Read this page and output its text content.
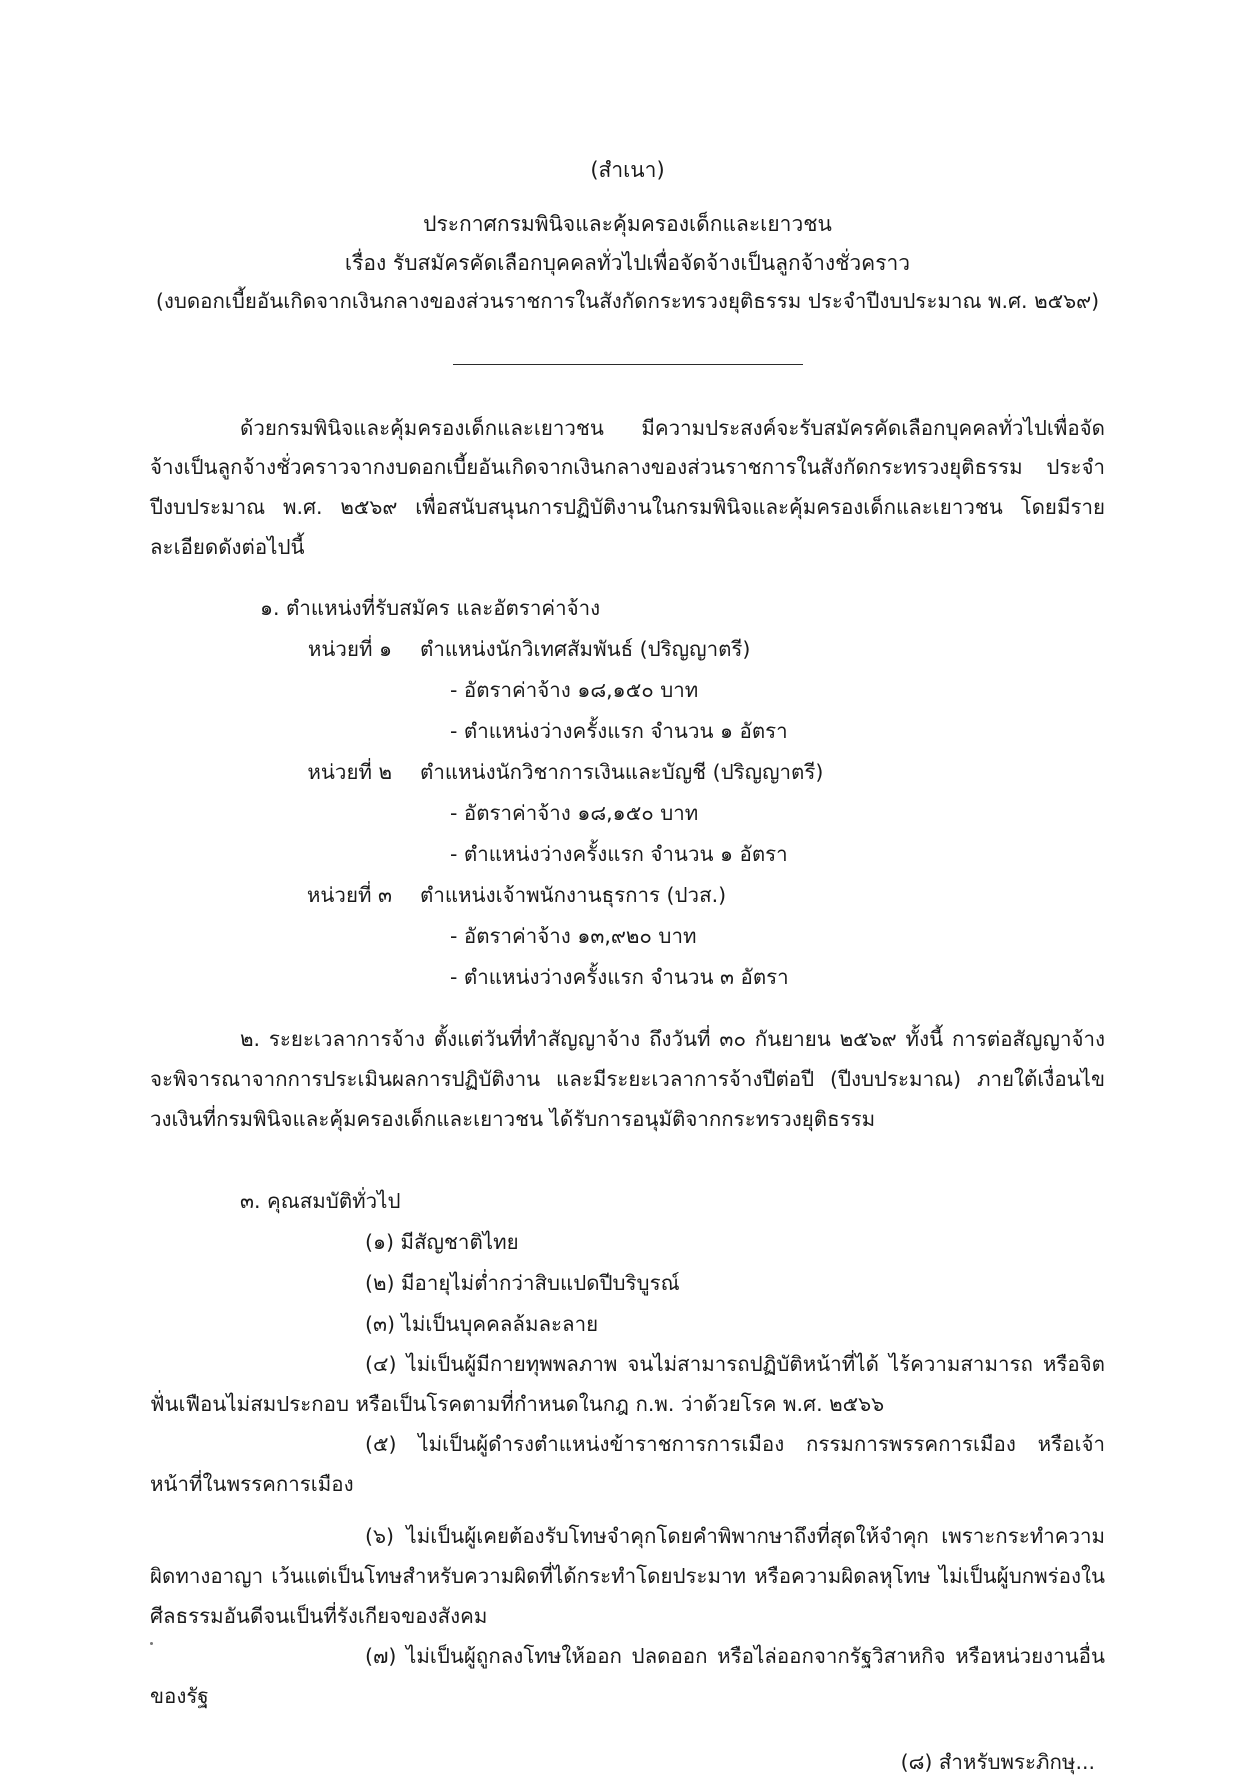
(สำเนา)
ประกาศกรมพินิจและคุ้มครองเด็กและเยาวชน
เรื่อง รับสมัครคัดเลือกบุคคลทั่วไปเพื่อจัดจ้างเป็นลูกจ้างชั่วคราว
(งบดอกเบี้ยอันเกิดจากเงินกลางของส่วนราชการในสังกัดกระทรวงยุติธรรม ประจำปีงบประมาณ พ.ศ. ๒๕๖๙)

ด้วยกรมพินิจและคุ้มครองเด็กและเยาวชน มีความประสงค์จะรับสมัครคัดเลือกบุคคลทั่วไปเพื่อจัดจ้างเป็นลูกจ้างชั่วคราวจากงบดอกเบี้ยอันเกิดจากเงินกลางของส่วนราชการในสังกัดกระทรวงยุติธรรม ประจำปีงบประมาณ พ.ศ. ๒๕๖๙ เพื่อสนับสนุนการปฏิบัติงานในกรมพินิจและคุ้มครองเด็กและเยาวชน โดยมีรายละเอียดดังต่อไปนี้

๑. ตำแหน่งที่รับสมัคร และอัตราค่าจ้าง
หน่วยที่ ๑	ตำแหน่งนักวิเทศสัมพันธ์ (ปริญญาตรี)
- อัตราค่าจ้าง ๑๘,๑๕๐ บาท
- ตำแหน่งว่างครั้งแรก จำนวน ๑ อัตรา
หน่วยที่ ๒	ตำแหน่งนักวิชาการเงินและบัญชี (ปริญญาตรี)
- อัตราค่าจ้าง ๑๘,๑๕๐ บาท
- ตำแหน่งว่างครั้งแรก จำนวน ๑ อัตรา
หน่วยที่ ๓	ตำแหน่งเจ้าพนักงานธุรการ (ปวส.)
- อัตราค่าจ้าง ๑๓,๙๒๐ บาท
- ตำแหน่งว่างครั้งแรก จำนวน ๓ อัตรา

๒. ระยะเวลาการจ้าง ตั้งแต่วันที่ทำสัญญาจ้าง ถึงวันที่ ๓๐ กันยายน ๒๕๖๙ ทั้งนี้ การต่อสัญญาจ้างจะพิจารณาจากการประเมินผลการปฏิบัติงาน และมีระยะเวลาการจ้างปีต่อปี (ปีงบประมาณ) ภายใต้เงื่อนไขวงเงินที่กรมพินิจและคุ้มครองเด็กและเยาวชน ได้รับการอนุมัติจากกระทรวงยุติธรรม

๓. คุณสมบัติทั่วไป
(๑) มีสัญชาติไทย
(๒) มีอายุไม่ต่ำกว่าสิบแปดปีบริบูรณ์
(๓) ไม่เป็นบุคคลล้มละลาย

(๔) ไม่เป็นผู้มีกายทุพพลภาพ จนไม่สามารถปฏิบัติหน้าที่ได้ ไร้ความสามารถ หรือจิตฟั่นเฟือนไม่สมประกอบ หรือเป็นโรคตามที่กำหนดในกฎ ก.พ. ว่าด้วยโรค พ.ศ. ๒๕๖๖

(๕) ไม่เป็นผู้ดำรงตำแหน่งข้าราชการการเมือง กรรมการพรรคการเมือง หรือเจ้าหน้าที่ในพรรคการเมือง

(๖) ไม่เป็นผู้เคยต้องรับโทษจำคุกโดยคำพิพากษาถึงที่สุดให้จำคุก เพราะกระทำความผิดทางอาญา เว้นแต่เป็นโทษสำหรับความผิดที่ได้กระทำโดยประมาท หรือความผิดลหุโทษ ไม่เป็นผู้บกพร่องในศีลธรรมอันดีจนเป็นที่รังเกียจของสังคม

(๗) ไม่เป็นผู้ถูกลงโทษให้ออก ปลดออก หรือไล่ออกจากรัฐวิสาหกิจ หรือหน่วยงานอื่นของรัฐ

(๘) สำหรับพระภิกษุ...
